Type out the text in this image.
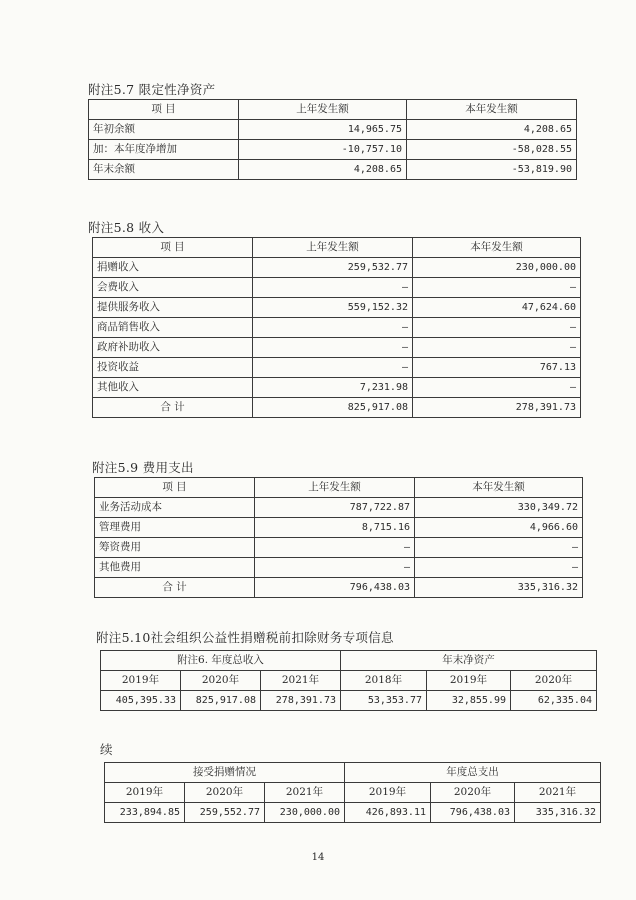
附注5.7 限定性净资产
项 目	上年发生额	本年发生额
年初余额	14,965.75	4,208.65
加：本年度净增加	-10,757.10	-58,028.55
年末余额	4,208.65	-53,819.90
附注5.8 收入
项 目	上年发生额	本年发生额
捐赠收入	259,532.77	230,000.00
会费收入	–	–
提供服务收入	559,152.32	47,624.60
商品销售收入	–	–
政府补助收入	–	–
投资收益	–	767.13
其他收入	7,231.98	–
合 计	825,917.08	278,391.73
附注5.9 费用支出
项 目	上年发生额	本年发生额
业务活动成本	787,722.87	330,349.72
管理费用	8,715.16	4,966.60
筹资费用	–	–
其他费用	–	–
合 计	796,438.03	335,316.32
附注5.10社会组织公益性捐赠税前扣除财务专项信息
附注6. 年度总收入			年末净资产		
2019年	2020年	2021年	2018年	2019年	2020年
405,395.33	825,917.08	278,391.73	53,353.77	32,855.99	62,335.04
续
接受捐赠情况			年度总支出		
2019年	2020年	2021年	2019年	2020年	2021年
233,894.85	259,552.77	230,000.00	426,893.11	796,438.03	335,316.32
14
